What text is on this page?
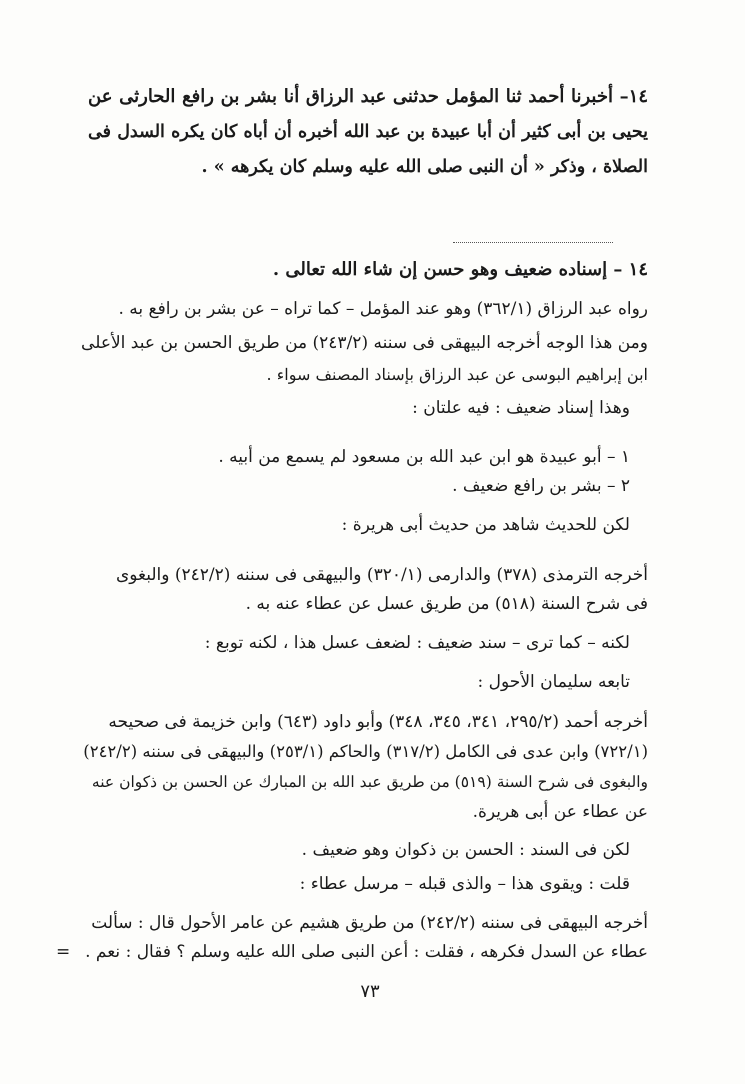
١٤– أخبرنا أحمد ثنا المؤمل حدثنى عبد الرزاق أنا بشر بن رافع الحارثى عن
يحيى بن أبى كثير أن أبا عبيدة بن عبد الله أخبره أن أباه كان يكره السدل فى
الصلاة ، وذكر « أن النبى صلى الله عليه وسلم كان يكرهه » .
١٤ – إسناده ضعيف وهو حسن إن شاء الله تعالى .
رواه عبد الرزاق (٣٦٢/١) وهو عند المؤمل – كما تراه – عن بشر بن رافع به .
ومن هذا الوجه أخرجه البيهقى فى سننه (٢٤٣/٢) من طريق الحسن بن عبد الأعلى
ابن إبراهيم البوسى عن عبد الرزاق بإسناد المصنف سواء .
وهذا إسناد ضعيف : فيه علتان :
١ – أبو عبيدة هو ابن عبد الله بن مسعود لم يسمع من أبيه .
٢ – بشر بن رافع ضعيف .
لكن للحديث شاهد من حديث أبى هريرة :
أخرجه الترمذى (٣٧٨) والدارمى (٣٢٠/١) والبيهقى فى سننه (٢٤٢/٢) والبغوى
فى شرح السنة (٥١٨) من طريق عسل عن عطاء عنه به .
لكنه – كما ترى – سند ضعيف : لضعف عسل هذا ، لكنه توبع :
تابعه سليمان الأحول :
أخرجه أحمد (٢٩٥/٢، ٣٤١، ٣٤٥، ٣٤٨) وأبو داود (٦٤٣) وابن خزيمة فى صحيحه
(٧٢٢/١) وابن عدى فى الكامل (٣١٧/٢) والحاكم (٢٥٣/١) والبيهقى فى سننه (٢٤٢/٢)
والبغوى فى شرح السنة (٥١٩) من طريق عبد الله بن المبارك عن الحسن بن ذكوان عنه
عن عطاء عن أبى هريرة.
لكن فى السند : الحسن بن ذكوان وهو ضعيف .
قلت : ويقوى هذا – والذى قبله – مرسل عطاء :
أخرجه البيهقى فى سننه (٢٤٢/٢) من طريق هشيم عن عامر الأحول قال : سألت
عطاء عن السدل فكرهه ، فقلت : أعن النبى صلى الله عليه وسلم ؟ فقال : نعم .
=
٧٣
